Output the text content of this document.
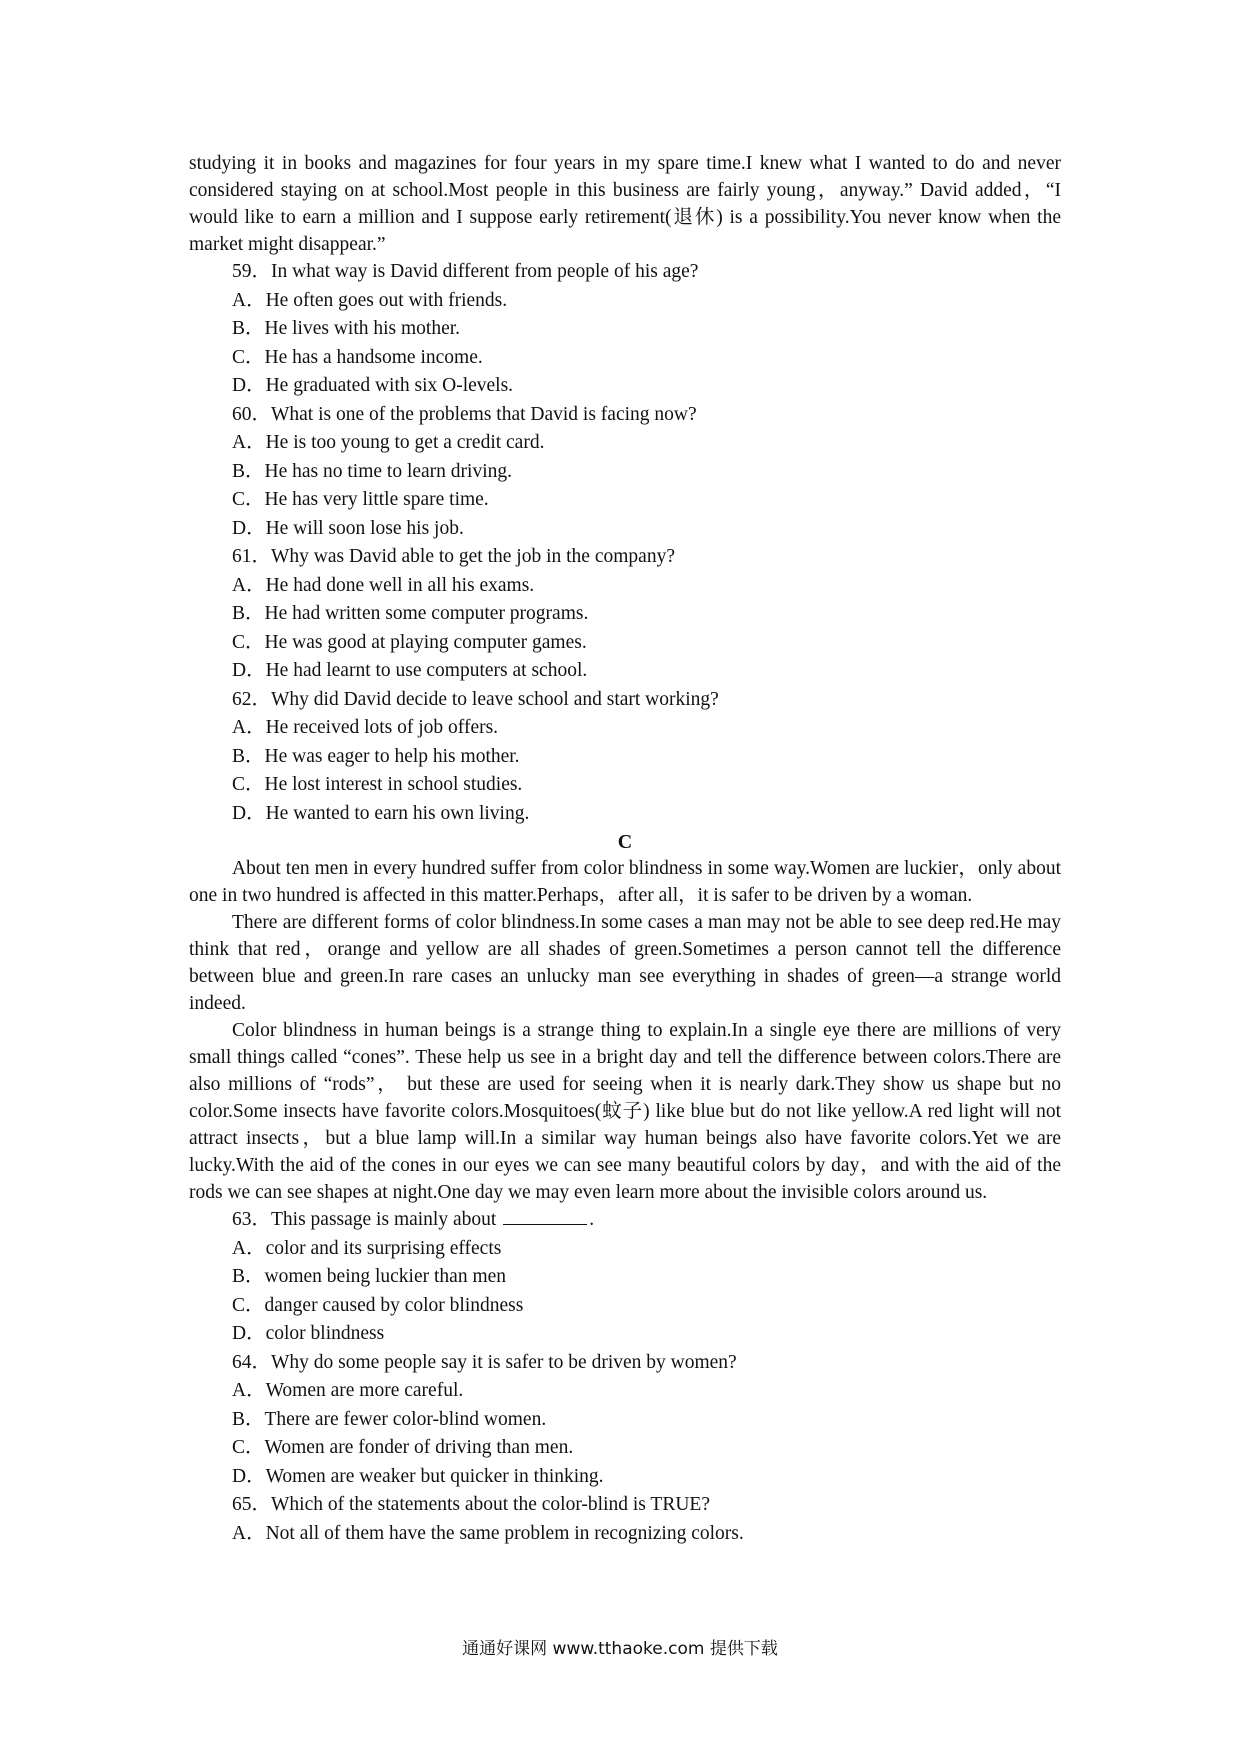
studying it in books and magazines for four years in my spare time.I knew what I wanted to do and never considered staying on at school.Most people in this business are fairly young，anyway.” David added，“I would like to earn a million and I suppose early retirement(退休) is a possibility.You never know when the market might disappear.”

59．In what way is David different from people of his age?
A．He often goes out with friends.
B．He lives with his mother.
C．He has a handsome income.
D．He graduated with six O-levels.
60．What is one of the problems that David is facing now?
A．He is too young to get a credit card.
B．He has no time to learn driving.
C．He has very little spare time.
D．He will soon lose his job.
61．Why was David able to get the job in the company?
A．He had done well in all his exams.
B．He had written some computer programs.
C．He was good at playing computer games.
D．He had learnt to use computers at school.
62．Why did David decide to leave school and start working?
A．He received lots of job offers.
B．He was eager to help his mother.
C．He lost interest in school studies.
D．He wanted to earn his own living.
C

About ten men in every hundred suffer from color blindness in some way.Women are luckier，only about one in two hundred is affected in this matter.Perhaps，after all，it is safer to be driven by a woman.

There are different forms of color blindness.In some cases a man may not be able to see deep red.He may think that red，orange and yellow are all shades of green.Sometimes a person cannot tell the difference between blue and green.In rare cases an unlucky man see everything in shades of green—a strange world indeed.

Color blindness in human beings is a strange thing to explain.In a single eye there are millions of very small things called “cones”. These help us see in a bright day and tell the difference between colors.There are also millions of “rods”， but these are used for seeing when it is nearly dark.They show us shape but no color.Some insects have favorite colors.Mosquitoes(蚊子) like blue but do not like yellow.A red light will not attract insects，but a blue lamp will.In a similar way human beings also have favorite colors.Yet we are lucky.With the aid of the cones in our eyes we can see many beautiful colors by day，and with the aid of the rods we can see shapes at night.One day we may even learn more about the invisible colors around us.

63．This passage is mainly about	.
A．color and its surprising effects
B．women being luckier than men
C．danger caused by color blindness
D．color blindness
64．Why do some people say it is safer to be driven by women?
A．Women are more careful.
B．There are fewer color-blind women.
C．Women are fonder of driving than men.
D．Women are weaker but quicker in thinking.
65．Which of the statements about the color-blind is TRUE?
A．Not all of them have the same problem in recognizing colors.
通通好课网 www.tthaoke.com 提供下载
